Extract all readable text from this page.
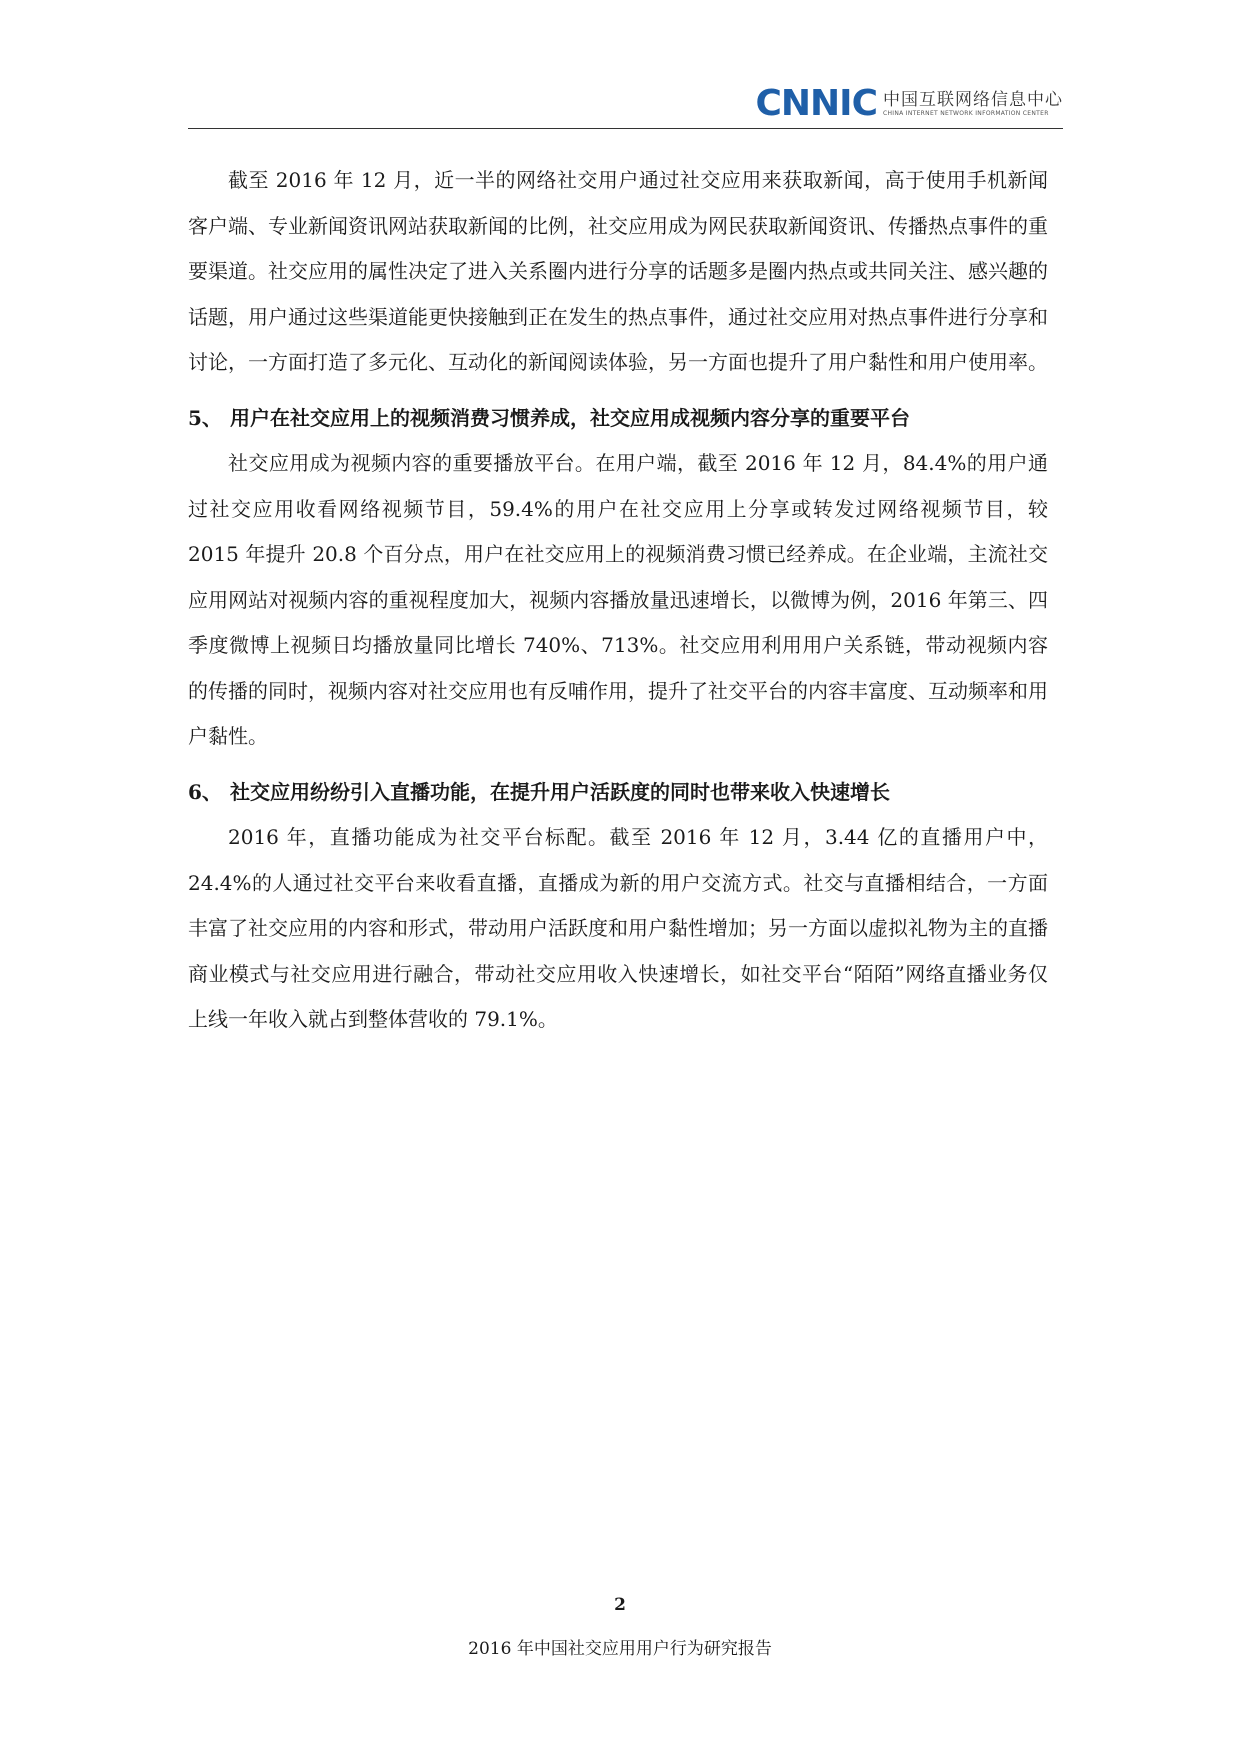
CNNIC 中国互联网络信息中心
CHINA INTERNET NETWORK INFORMATION CENTER

截至 2016 年 12 月，近一半的网络社交用户通过社交应用来获取新闻，高于使用手机新闻客户端、专业新闻资讯网站获取新闻的比例，社交应用成为网民获取新闻资讯、传播热点事件的重要渠道。社交应用的属性决定了进入关系圈内进行分享的话题多是圈内热点或共同关注、感兴趣的话题，用户通过这些渠道能更快接触到正在发生的热点事件，通过社交应用对热点事件进行分享和讨论，一方面打造了多元化、互动化的新闻阅读体验，另一方面也提升了用户黏性和用户使用率。

5、 用户在社交应用上的视频消费习惯养成，社交应用成视频内容分享的重要平台

社交应用成为视频内容的重要播放平台。在用户端，截至 2016 年 12 月，84.4%的用户通过社交应用收看网络视频节目，59.4%的用户在社交应用上分享或转发过网络视频节目，较 2015 年提升 20.8 个百分点，用户在社交应用上的视频消费习惯已经养成。在企业端，主流社交应用网站对视频内容的重视程度加大，视频内容播放量迅速增长，以微博为例，2016 年第三、四季度微博上视频日均播放量同比增长 740%、713%。社交应用利用用户关系链，带动视频内容的传播的同时，视频内容对社交应用也有反哺作用，提升了社交平台的内容丰富度、互动频率和用户黏性。

6、 社交应用纷纷引入直播功能，在提升用户活跃度的同时也带来收入快速增长

2016 年，直播功能成为社交平台标配。截至 2016 年 12 月，3.44 亿的直播用户中，24.4%的人通过社交平台来收看直播，直播成为新的用户交流方式。社交与直播相结合，一方面丰富了社交应用的内容和形式，带动用户活跃度和用户黏性增加；另一方面以虚拟礼物为主的直播商业模式与社交应用进行融合，带动社交应用收入快速增长，如社交平台“陌陌”网络直播业务仅上线一年收入就占到整体营收的 79.1%。

2
2016 年中国社交应用用户行为研究报告
